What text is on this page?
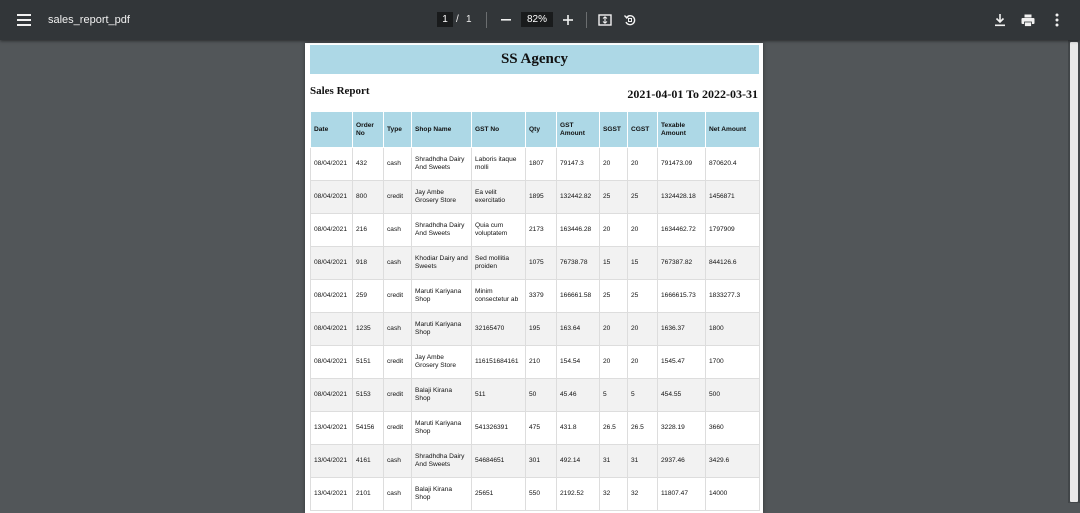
sales_report_pdf	1 / 1	82%
SS Agency
Sales Report	2021-04-01 To 2022-03-31
Date	Order No	Type	Shop Name	GST No	Qty	GST Amount	SGST	CGST	Texable Amount	Net Amount
08/04/2021	432	cash	Shradhdha Dairy And Sweets	Laboris itaque molli	1807	79147.3	20	20	791473.09	870620.4
08/04/2021	800	credit	Jay Ambe Grosery Store	Ea velit exercitatio	1895	132442.82	25	25	1324428.18	1456871
08/04/2021	216	cash	Shradhdha Dairy And Sweets	Quia cum voluptatem	2173	163446.28	20	20	1634462.72	1797909
08/04/2021	918	cash	Khodiar Dairy and Sweets	Sed mollitia proiden	1075	76738.78	15	15	767387.82	844126.6
08/04/2021	259	credit	Maruti Kariyana Shop	Minim consectetur ab	3379	166661.58	25	25	1666615.73	1833277.3
08/04/2021	1235	cash	Maruti Kariyana Shop	32165470	195	163.64	20	20	1636.37	1800
08/04/2021	5151	credit	Jay Ambe Grosery Store	116151684161	210	154.54	20	20	1545.47	1700
08/04/2021	5153	credit	Balaji Kirana Shop	511	50	45.46	5	5	454.55	500
13/04/2021	54156	credit	Maruti Kariyana Shop	541326391	475	431.8	26.5	26.5	3228.19	3660
13/04/2021	4161	cash	Shradhdha Dairy And Sweets	54684651	301	492.14	31	31	2937.46	3429.6
13/04/2021	2101	cash	Balaji Kirana Shop	25651	550	2192.52	32	32	11807.47	14000
